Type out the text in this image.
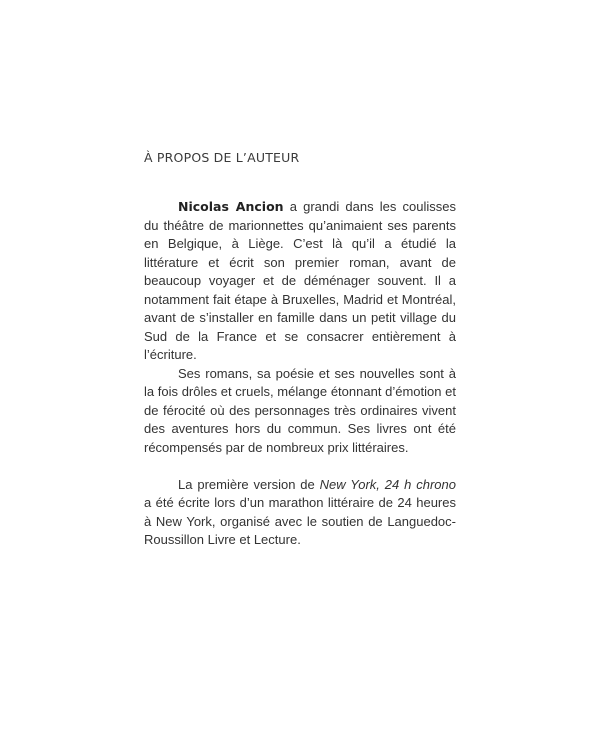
À PROPOS DE L’AUTEUR

Nicolas Ancion a grandi dans les coulisses du théâtre de marionnettes qu’animaient ses parents en Belgique, à Liège. C’est là qu’il a étudié la littérature et écrit son premier roman, avant de beaucoup voyager et de déménager souvent. Il a notamment fait étape à Bruxelles, Madrid et Montréal, avant de s’installer en famille dans un petit village du Sud de la France et se consacrer entièrement à l’écriture.

Ses romans, sa poésie et ses nouvelles sont à la fois drôles et cruels, mélange étonnant d’émotion et de férocité où des personnages très ordinaires vivent des aventures hors du commun. Ses livres ont été récompensés par de nombreux prix littéraires.

La première version de New York, 24 h chrono a été écrite lors d’un marathon littéraire de 24 heures à New York, organisé avec le soutien de Languedoc-Roussillon Livre et Lecture.
